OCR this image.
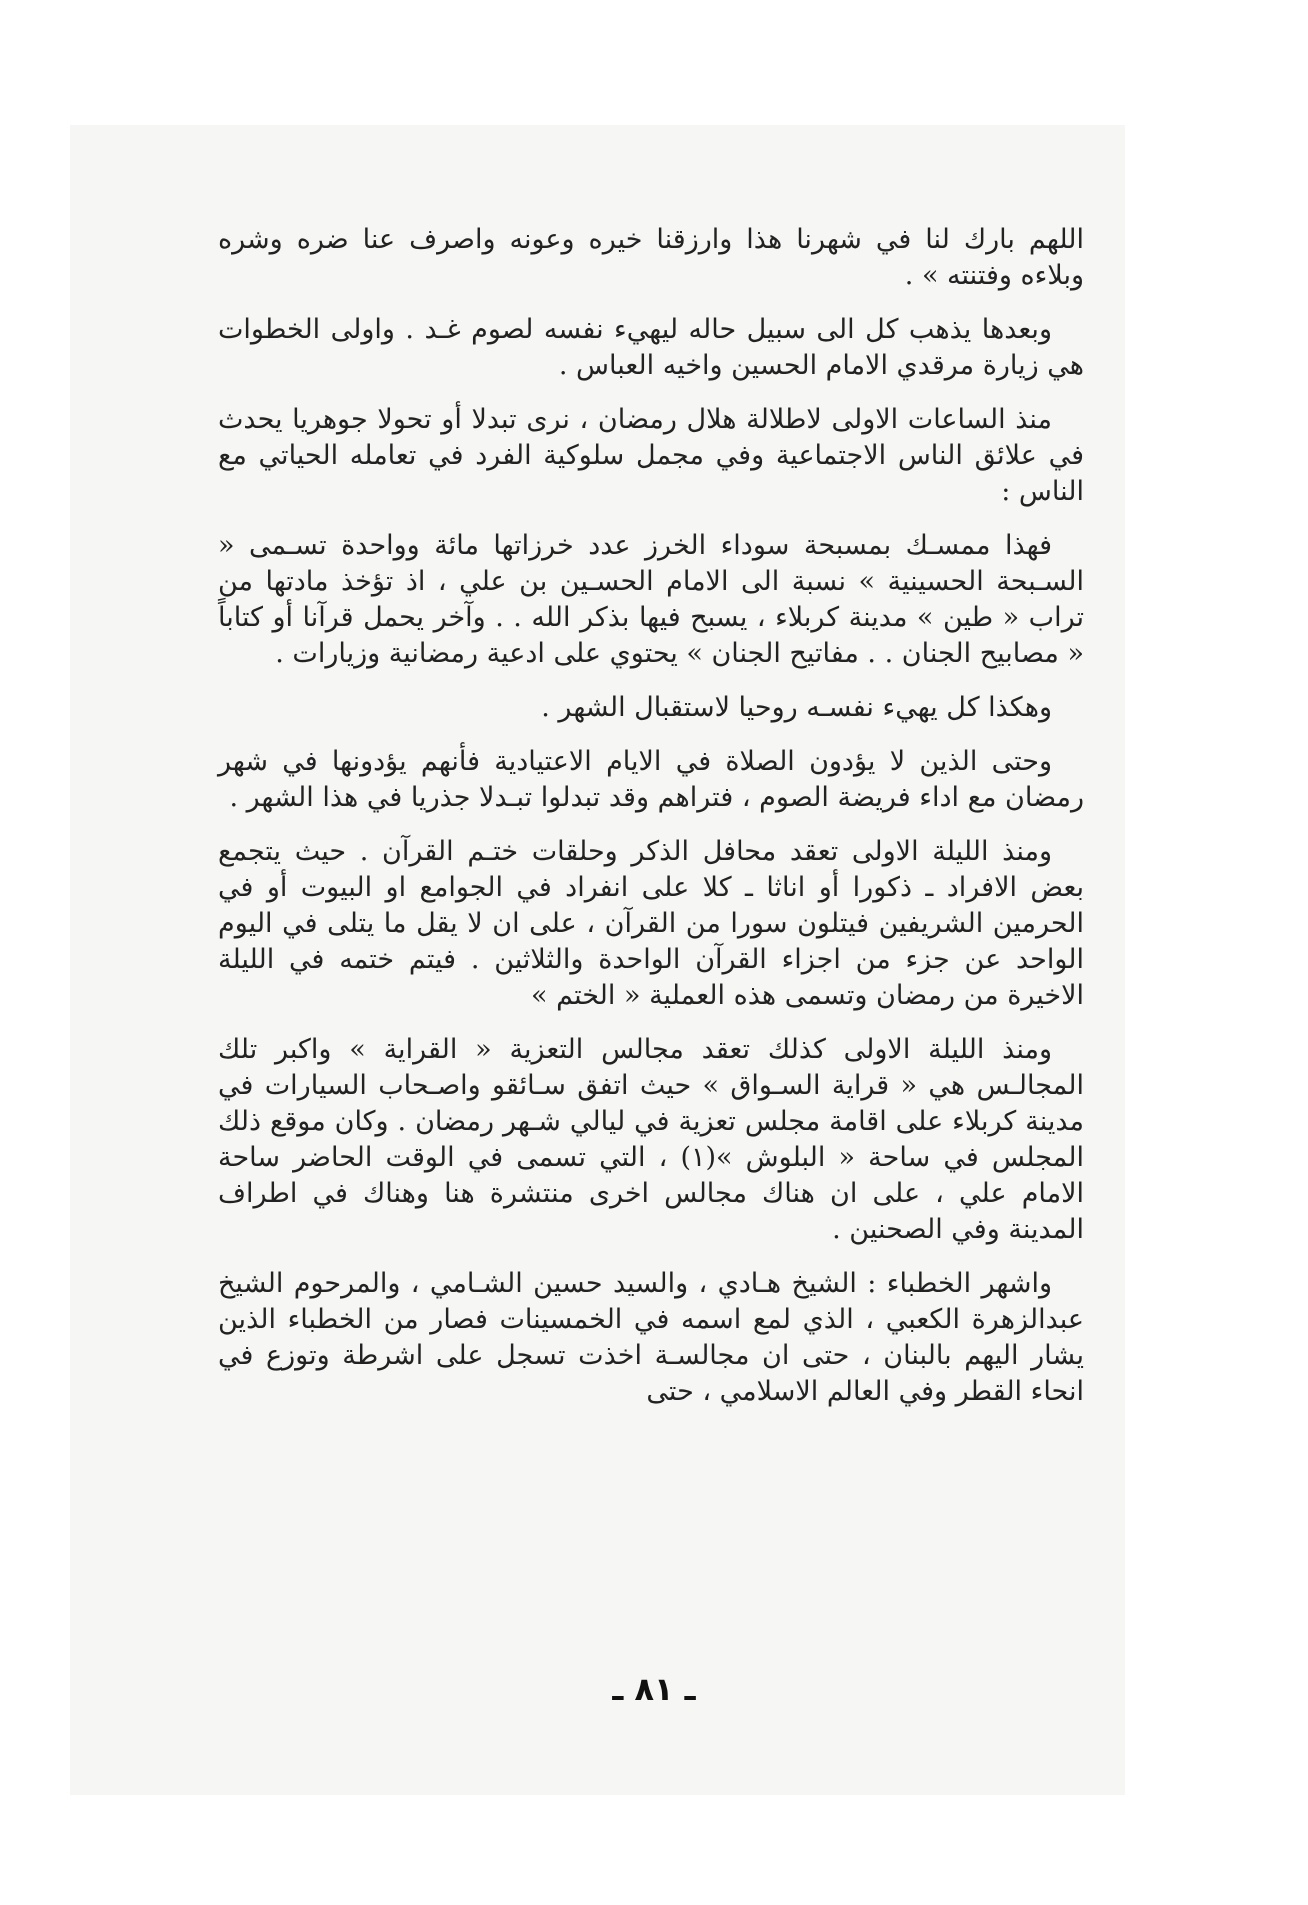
اللهم بارك لنا في شهرنا هذا وارزقنا خيره وعونه واصرف عنا ضره وشره وبلاءه وفتنته » .

وبعدها يذهب كل الى سبيل حاله ليهيء نفسه لصوم غـد . واولى الخطوات هي زيارة مرقدي الامام الحسين واخيه العباس .

منذ الساعات الاولى لاطلالة هلال رمضان ، نرى تبدلا أو تحولا جوهريا يحدث في علائق الناس الاجتماعية وفي مجمل سلوكية الفرد في تعامله الحياتي مع الناس :

فهذا ممسـك بمسبحة سوداء الخرز عدد خرزاتها مائة وواحدة تسـمى « السـبحة الحسينية » نسبة الى الامام الحسـين بن علي ، اذ تؤخذ مادتها من تراب « طين » مدينة كربلاء ، يسبح فيها بذكر الله . . وآخر يحمل قرآنا أو كتاباً « مصابيح الجنان . . مفاتيح الجنان » يحتوي على ادعية رمضانية وزيارات .

وهكذا كل يهيء نفسـه روحيا لاستقبال الشهر .

وحتى الذين لا يؤدون الصلاة في الايام الاعتيادية فأنهم يؤدونها في شهر رمضان مع اداء فريضة الصوم ، فتراهم وقد تبدلوا تبـدلا جذريا في هذا الشهر .

ومنذ الليلة الاولى تعقد محافل الذكر وحلقات ختـم القرآن . حيث يتجمع بعض الافراد ـ ذكورا أو اناثا ـ كلا على انفراد في الجوامع او البيوت أو في الحرمين الشريفين فيتلون سورا من القرآن ، على ان لا يقل ما يتلى في اليوم الواحد عن جزء من اجزاء القرآن الواحدة والثلاثين . فيتم ختمه في الليلة الاخيرة من رمضان وتسمى هذه العملية « الختم »

ومنذ الليلة الاولى كذلك تعقد مجالس التعزية « القراية » واكبر تلك المجالـس هي « قراية السـواق » حيث اتفق سـائقو واصـحاب السيارات في مدينة كربلاء على اقامة مجلس تعزية في ليالي شـهر رمضان . وكان موقع ذلك المجلس في ساحة « البلوش »(١) ، التي تسمى في الوقت الحاضر ساحة الامام علي ، على ان هناك مجالس اخرى منتشرة هنا وهناك في اطراف المدينة وفي الصحنين .

واشهر الخطباء : الشيخ هـادي ، والسيد حسين الشـامي ، والمرحوم الشيخ عبدالزهرة الكعبي ، الذي لمع اسمه في الخمسينات فصار من الخطباء الذين يشار اليهم بالبنان ، حتى ان مجالسـة اخذت تسجل على اشرطة وتوزع في انحاء القطر وفي العالم الاسلامي ، حتى

ـ ٨١ ـ
